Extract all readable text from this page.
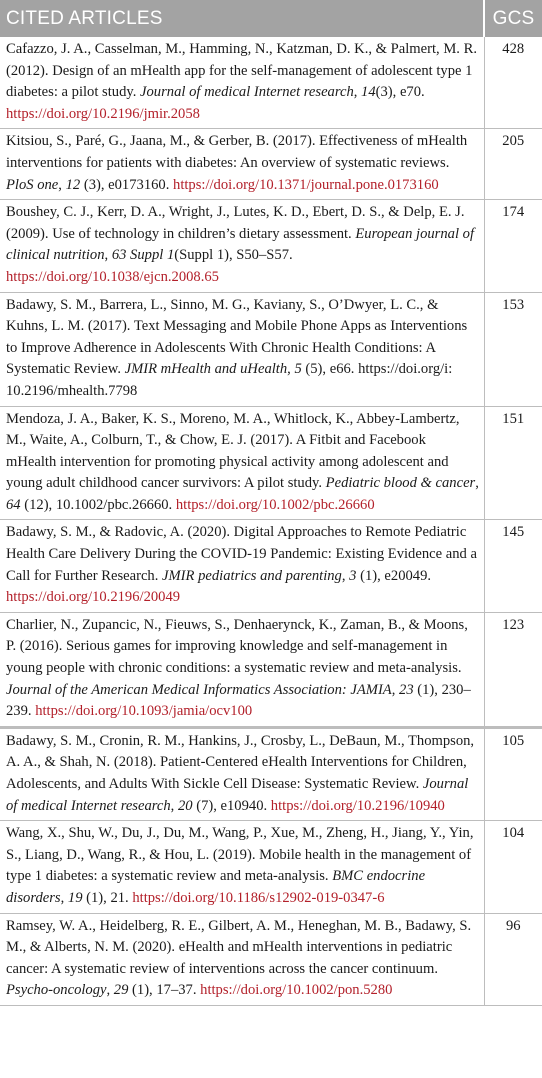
CITED ARTICLES	GCS
Cafazzo, J. A., Casselman, M., Hamming, N., Katzman, D. K., & Palmert, M. R. (2012). Design of an mHealth app for the self-management of adolescent type 1 diabetes: a pilot study. Journal of medical Internet research, 14(3), e70. https://doi.org/10.2196/jmir.2058	428
Kitsiou, S., Paré, G., Jaana, M., & Gerber, B. (2017). Effectiveness of mHealth interventions for patients with diabetes: An overview of systematic reviews. PloS one, 12 (3), e0173160. https://doi.org/10.1371/journal.pone.0173160	205
Boushey, C. J., Kerr, D. A., Wright, J., Lutes, K. D., Ebert, D. S., & Delp, E. J. (2009). Use of technology in children’s dietary assessment. European journal of clinical nutrition, 63 Suppl 1(Suppl 1), S50–S57. https://doi.org/10.1038/ejcn.2008.65	174
Badawy, S. M., Barrera, L., Sinno, M. G., Kaviany, S., O’Dwyer, L. C., & Kuhns, L. M. (2017). Text Messaging and Mobile Phone Apps as Interventions to Improve Adherence in Adolescents With Chronic Health Conditions: A Systematic Review. JMIR mHealth and uHealth, 5 (5), e66. https://doi.org/i: 10.2196/mhealth.7798	153
Mendoza, J. A., Baker, K. S., Moreno, M. A., Whitlock, K., Abbey-Lambertz, M., Waite, A., Colburn, T., & Chow, E. J. (2017). A Fitbit and Facebook mHealth intervention for promoting physical activity among adolescent and young adult childhood cancer survivors: A pilot study. Pediatric blood & cancer, 64 (12), 10.1002/pbc.26660. https://doi.org/10.1002/pbc.26660	151
Badawy, S. M., & Radovic, A. (2020). Digital Approaches to Remote Pediatric Health Care Delivery During the COVID-19 Pandemic: Existing Evidence and a Call for Further Research. JMIR pediatrics and parenting, 3 (1), e20049. https://doi.org/10.2196/20049	145
Charlier, N., Zupancic, N., Fieuws, S., Denhaerynck, K., Zaman, B., & Moons, P. (2016). Serious games for improving knowledge and self-management in young people with chronic conditions: a systematic review and meta-analysis. Journal of the American Medical Informatics Association: JAMIA, 23 (1), 230–239. https://doi.org/10.1093/jamia/ocv100	123
Badawy, S. M., Cronin, R. M., Hankins, J., Crosby, L., DeBaun, M., Thompson, A. A., & Shah, N. (2018). Patient-Centered eHealth Interventions for Children, Adolescents, and Adults With Sickle Cell Disease: Systematic Review. Journal of medical Internet research, 20 (7), e10940. https://doi.org/10.2196/10940	105
Wang, X., Shu, W., Du, J., Du, M., Wang, P., Xue, M., Zheng, H., Jiang, Y., Yin, S., Liang, D., Wang, R., & Hou, L. (2019). Mobile health in the management of type 1 diabetes: a systematic review and meta-analysis. BMC endocrine disorders, 19 (1), 21. https://doi.org/10.1186/s12902-019-0347-6	104
Ramsey, W. A., Heidelberg, R. E., Gilbert, A. M., Heneghan, M. B., Badawy, S. M., & Alberts, N. M. (2020). eHealth and mHealth interventions in pediatric cancer: A systematic review of interventions across the cancer continuum. Psycho-oncology, 29 (1), 17–37. https://doi.org/10.1002/pon.5280	96
